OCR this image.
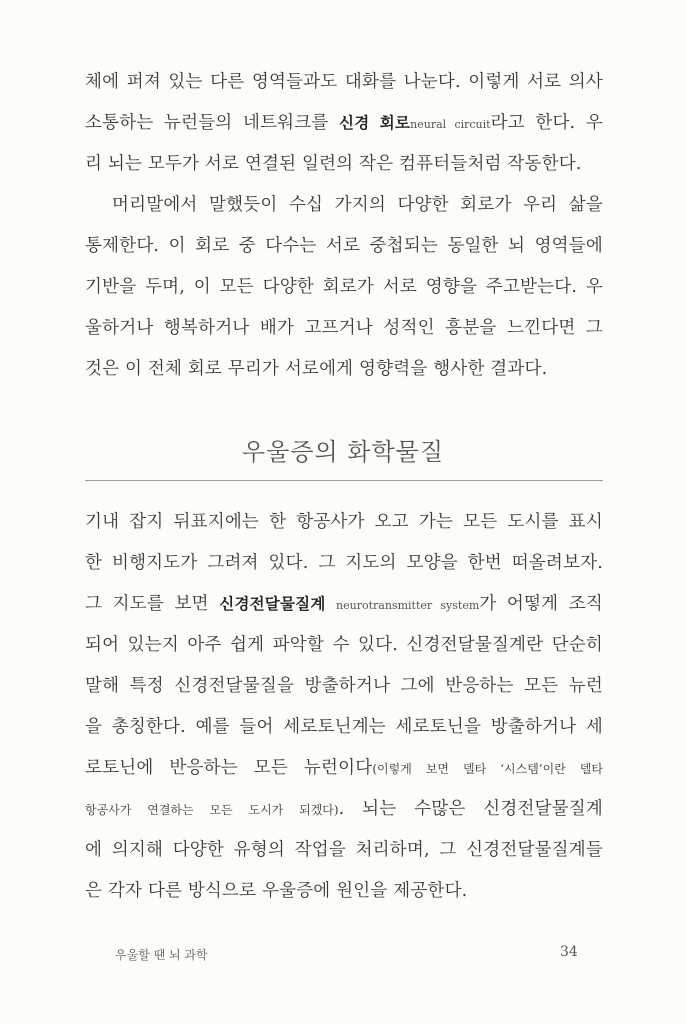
체에 퍼져 있는 다른 영역들과도 대화를 나눈다. 이렇게 서로 의사
소통하는 뉴런들의 네트워크를 신경 회로neural circuit라고 한다. 우
리 뇌는 모두가 서로 연결된 일련의 작은 컴퓨터들처럼 작동한다.
머리말에서 말했듯이 수십 가지의 다양한 회로가 우리 삶을
통제한다. 이 회로 중 다수는 서로 중첩되는 동일한 뇌 영역들에
기반을 두며, 이 모든 다양한 회로가 서로 영향을 주고받는다. 우
울하거나 행복하거나 배가 고프거나 성적인 흥분을 느낀다면 그
것은 이 전체 회로 무리가 서로에게 영향력을 행사한 결과다.
우울증의 화학물질
기내 잡지 뒤표지에는 한 항공사가 오고 가는 모든 도시를 표시
한 비행지도가 그려져 있다. 그 지도의 모양을 한번 떠올려보자.
그 지도를 보면 신경전달물질계 neurotransmitter system가 어떻게 조직
되어 있는지 아주 쉽게 파악할 수 있다. 신경전달물질계란 단순히
말해 특정 신경전달물질을 방출하거나 그에 반응하는 모든 뉴런
을 총칭한다. 예를 들어 세로토닌계는 세로토닌을 방출하거나 세
로토닌에 반응하는 모든 뉴런이다(이렇게 보면 델타 ‘시스템’이란 델타
항공사가 연결하는 모든 도시가 되겠다). 뇌는 수많은 신경전달물질계
에 의지해 다양한 유형의 작업을 처리하며, 그 신경전달물질계들
은 각자 다른 방식으로 우울증에 원인을 제공한다.
우울할 땐 뇌 과학	34
